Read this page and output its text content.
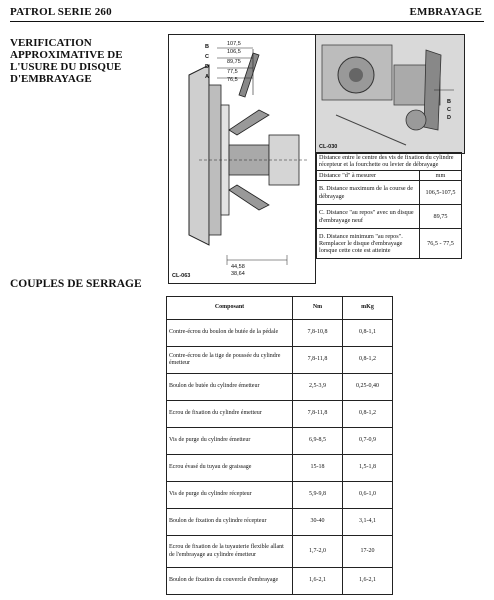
PATROL SERIE 260	EMBRAYAGE
VERIFICATION
APPROXIMATIVE DE
L'USURE DU DISQUE
D'EMBRAYAGE
B
C
D
A
107,5
106,5
89,75
77,5
76,5
44,58
38,64
CL-063
B
C
D
CL-030
Distance entre le centre des vis de fixation du cylindre récepteur et la fourchette ou levier de débrayage	
Distance "d" à mesurer	mm
B. Distance maximum de la course de débrayage	106,5-107,5
C. Distance "au repos" avec un disque d'embrayage neuf	89,75
D. Distance minimum "au repos". Remplacer le disque d'embrayage lorsque cette cote est atteinte	76,5 - 77,5
COUPLES DE SERRAGE
Composant	Nm	mKg
Contre-écrou du boulon de butée de la pédale	7,8-10,8	0,8-1,1
Contre-écrou de la tige de poussée du cylindre émetteur	7,8-11,8	0,8-1,2
Boulon de butée du cylindre émetteur	2,5-3,9	0,25-0,40
Ecrou de fixation du cylindre émetteur	7,8-11,8	0,8-1,2
Vis de purge du cylindre émetteur	6,9-8,5	0,7-0,9
Ecrou évasé du tuyau de graissage	15-18	1,5-1,8
Vis de purge du cylindre récepteur	5,9-9,8	0,6-1,0
Boulon de fixation du cylindre récepteur	30-40	3,1-4,1
Ecrou de fixation de la tuyauterie flexible allant de l'embrayage au cylindre émetteur	1,7-2,0	17-20
Boulon de fixation du couvercle d'embrayage	1,6-2,1	1,6-2,1
